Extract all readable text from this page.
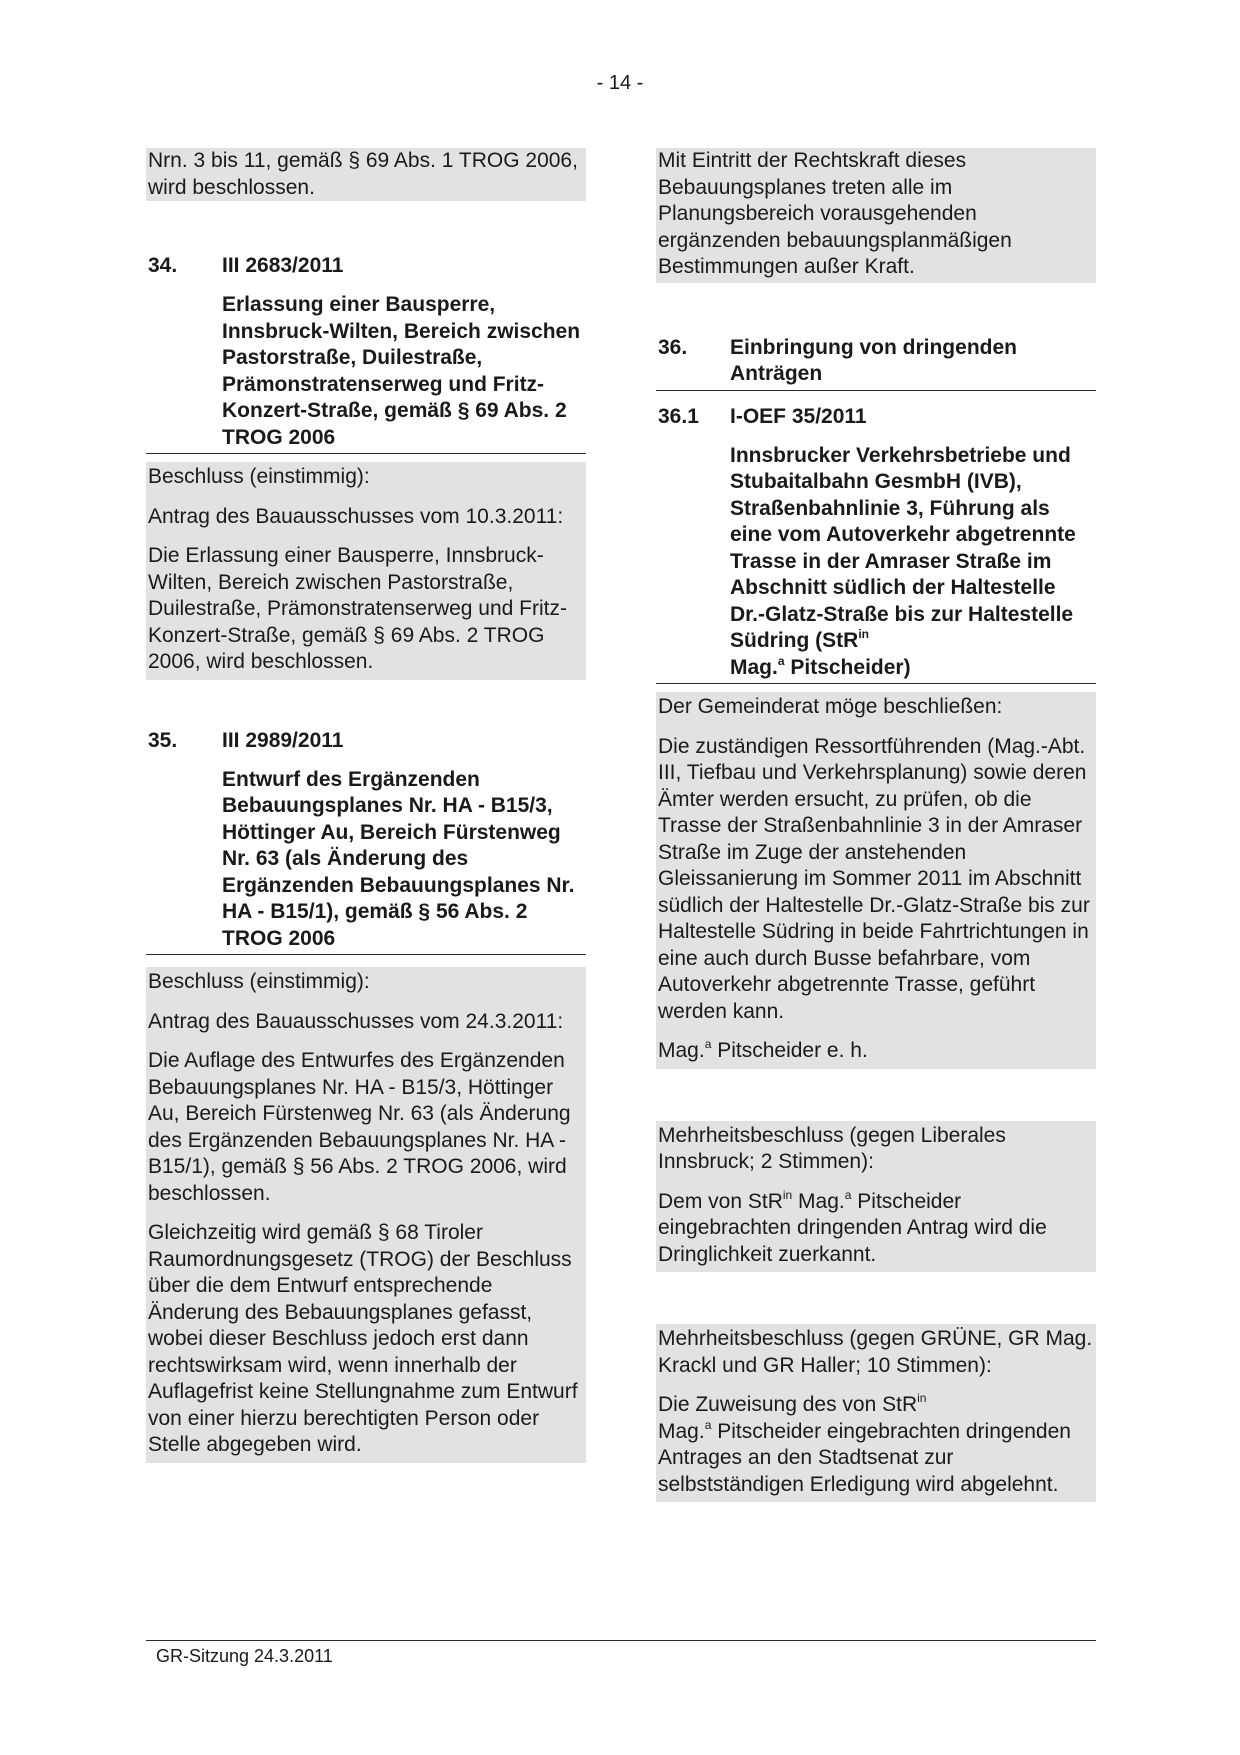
- 14 -

Nrn. 3 bis 11, gemäß § 69 Abs. 1 TROG 2006, wird beschlossen.

34. III 2683/2011

Erlassung einer Bausperre, Innsbruck-Wilten, Bereich zwischen Pastorstraße, Duilestraße, Prämonstratenserweg und Fritz-Konzert-Straße, gemäß § 69 Abs. 2 TROG 2006

Beschluss (einstimmig):

Antrag des Bauausschusses vom 10.3.2011:

Die Erlassung einer Bausperre, Innsbruck-Wilten, Bereich zwischen Pastorstraße, Duilestraße, Prämonstratenserweg und Fritz-Konzert-Straße, gemäß § 69 Abs. 2 TROG 2006, wird beschlossen.

35. III 2989/2011

Entwurf des Ergänzenden Bebauungsplanes Nr. HA - B15/3, Höttinger Au, Bereich Fürstenweg Nr. 63 (als Änderung des Ergänzenden Bebauungsplanes Nr. HA - B15/1), gemäß § 56 Abs. 2 TROG 2006

Beschluss (einstimmig):

Antrag des Bauausschusses vom 24.3.2011:

Die Auflage des Entwurfes des Ergänzenden Bebauungsplanes Nr. HA - B15/3, Höttinger Au, Bereich Fürstenweg Nr. 63 (als Änderung des Ergänzenden Bebauungsplanes Nr. HA - B15/1), gemäß § 56 Abs. 2 TROG 2006, wird beschlossen.

Gleichzeitig wird gemäß § 68 Tiroler Raumordnungsgesetz (TROG) der Beschluss über die dem Entwurf entsprechende Änderung des Bebauungsplanes gefasst, wobei dieser Beschluss jedoch erst dann rechtswirksam wird, wenn innerhalb der Auflagefrist keine Stellungnahme zum Entwurf von einer hierzu berechtigten Person oder Stelle abgegeben wird.

Mit Eintritt der Rechtskraft dieses Bebauungsplanes treten alle im Planungsbereich vorausgehenden ergänzenden bebauungsplanmäßigen Bestimmungen außer Kraft.

36. Einbringung von dringenden Anträgen

36.1 I-OEF 35/2011

Innsbrucker Verkehrsbetriebe und Stubaitalbahn GesmbH (IVB), Straßenbahnlinie 3, Führung als eine vom Autoverkehr abgetrennte Trasse in der Amraser Straße im Abschnitt südlich der Haltestelle Dr.-Glatz-Straße bis zur Haltestelle Südring (StR$^{in}$
Mag.$^a$ Pitscheider)

Der Gemeinderat möge beschließen:

Die zuständigen Ressortführenden (Mag.-Abt. III, Tiefbau und Verkehrsplanung) sowie deren Ämter werden ersucht, zu prüfen, ob die Trasse der Straßenbahnlinie 3 in der Amraser Straße im Zuge der anstehenden Gleissanierung im Sommer 2011 im Abschnitt südlich der Haltestelle Dr.-Glatz-Straße bis zur Haltestelle Südring in beide Fahrtrichtungen in eine auch durch Busse befahrbare, vom Autoverkehr abgetrennte Trasse, geführt werden kann.

Mag.$^a$ Pitscheider e. h.

Mehrheitsbeschluss (gegen Liberales Innsbruck; 2 Stimmen):

Dem von StR$^{in}$ Mag.$^a$ Pitscheider eingebrachten dringenden Antrag wird die Dringlichkeit zuerkannt.

Mehrheitsbeschluss (gegen GRÜNE, GR Mag. Krackl und GR Haller; 10 Stimmen):

Die Zuweisung des von StR$^{in}$
Mag.$^a$ Pitscheider eingebrachten dringenden Antrages an den Stadtsenat zur selbstständigen Erledigung wird abgelehnt.

GR-Sitzung 24.3.2011
